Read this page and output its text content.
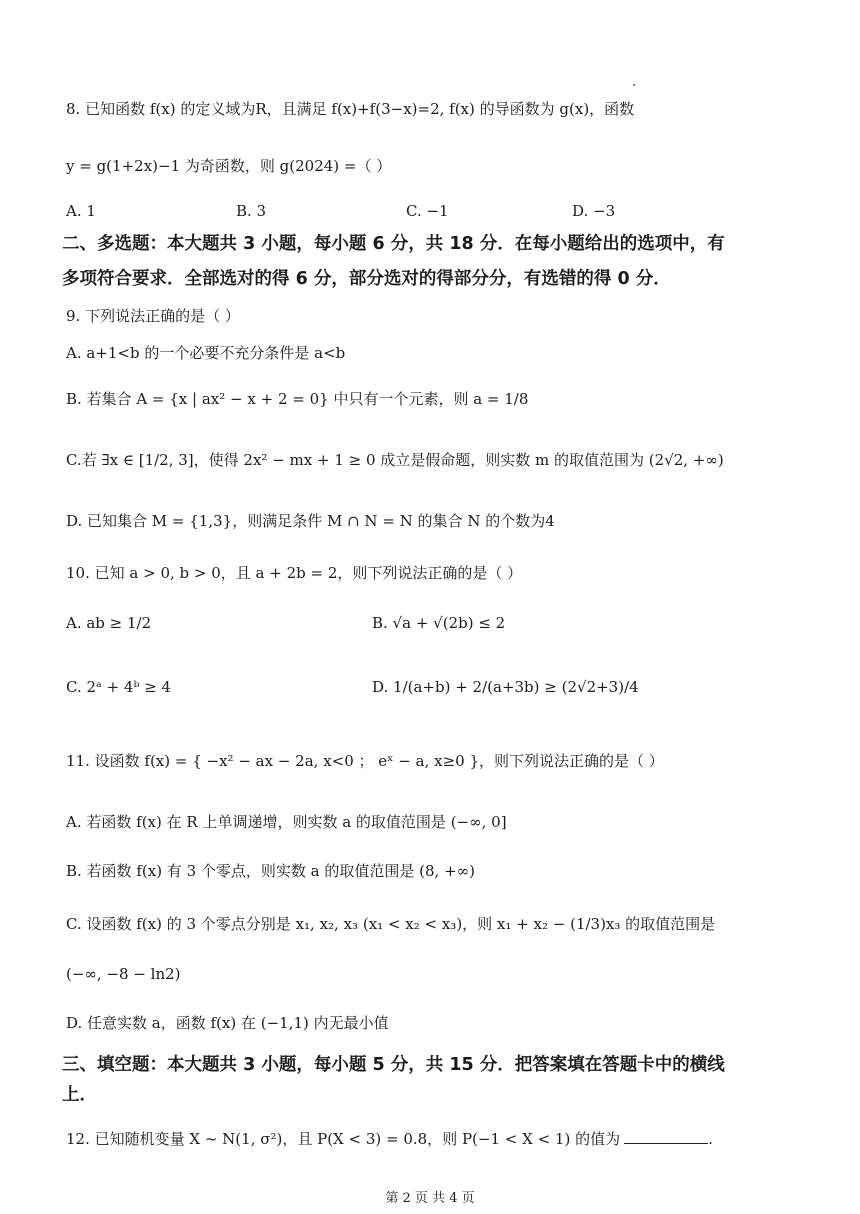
8. 已知函数 f(x) 的定义域为R，且满足 f(x)+f(3−x)=2, f(x) 的导函数为 g(x)，函数
y = g(1+2x)−1 为奇函数，则 g(2024) =（ ）
A. 1	B. 3	C. −1	D. −3
二、多选题：本大题共 3 小题，每小题 6 分，共 18 分．在每小题给出的选项中，有
多项符合要求．全部选对的得 6 分，部分选对的得部分分，有选错的得 0 分．
9. 下列说法正确的是（ ）
A. a+1<b 的一个必要不充分条件是 a<b
B. 若集合 A = {x | ax² − x + 2 = 0} 中只有一个元素，则 a = 1/8
C.若 ∃x ∈ [1/2, 3]，使得 2x² − mx + 1 ≥ 0 成立是假命题，则实数 m 的取值范围为 (2√2, +∞)
D. 已知集合 M = {1,3}，则满足条件 M ∩ N = N 的集合 N 的个数为4
10. 已知 a > 0, b > 0，且 a + 2b = 2，则下列说法正确的是（ ）
A. ab ≥ 1/2	B. √a + √(2b) ≤ 2
C. 2ᵃ + 4ᵇ ≥ 4	D. 1/(a+b) + 2/(a+3b) ≥ (2√2+3)/4
11. 设函数 f(x) = { −x² − ax − 2a, x<0 ； eˣ − a, x≥0 }，则下列说法正确的是（ ）
A. 若函数 f(x) 在 R 上单调递增，则实数 a 的取值范围是 (−∞, 0]
B. 若函数 f(x) 有 3 个零点，则实数 a 的取值范围是 (8, +∞)
C. 设函数 f(x) 的 3 个零点分别是 x₁, x₂, x₃ (x₁ < x₂ < x₃)，则 x₁ + x₂ − (1/3)x₃ 的取值范围是
(−∞, −8 − ln2)
D. 任意实数 a，函数 f(x) 在 (−1,1) 内无最小值
三、填空题：本大题共 3 小题，每小题 5 分，共 15 分．把答案填在答题卡中的横线
上．
12. 已知随机变量 X ~ N(1, σ²)，且 P(X < 3) = 0.8，则 P(−1 < X < 1) 的值为	.
第 2 页 共 4 页
